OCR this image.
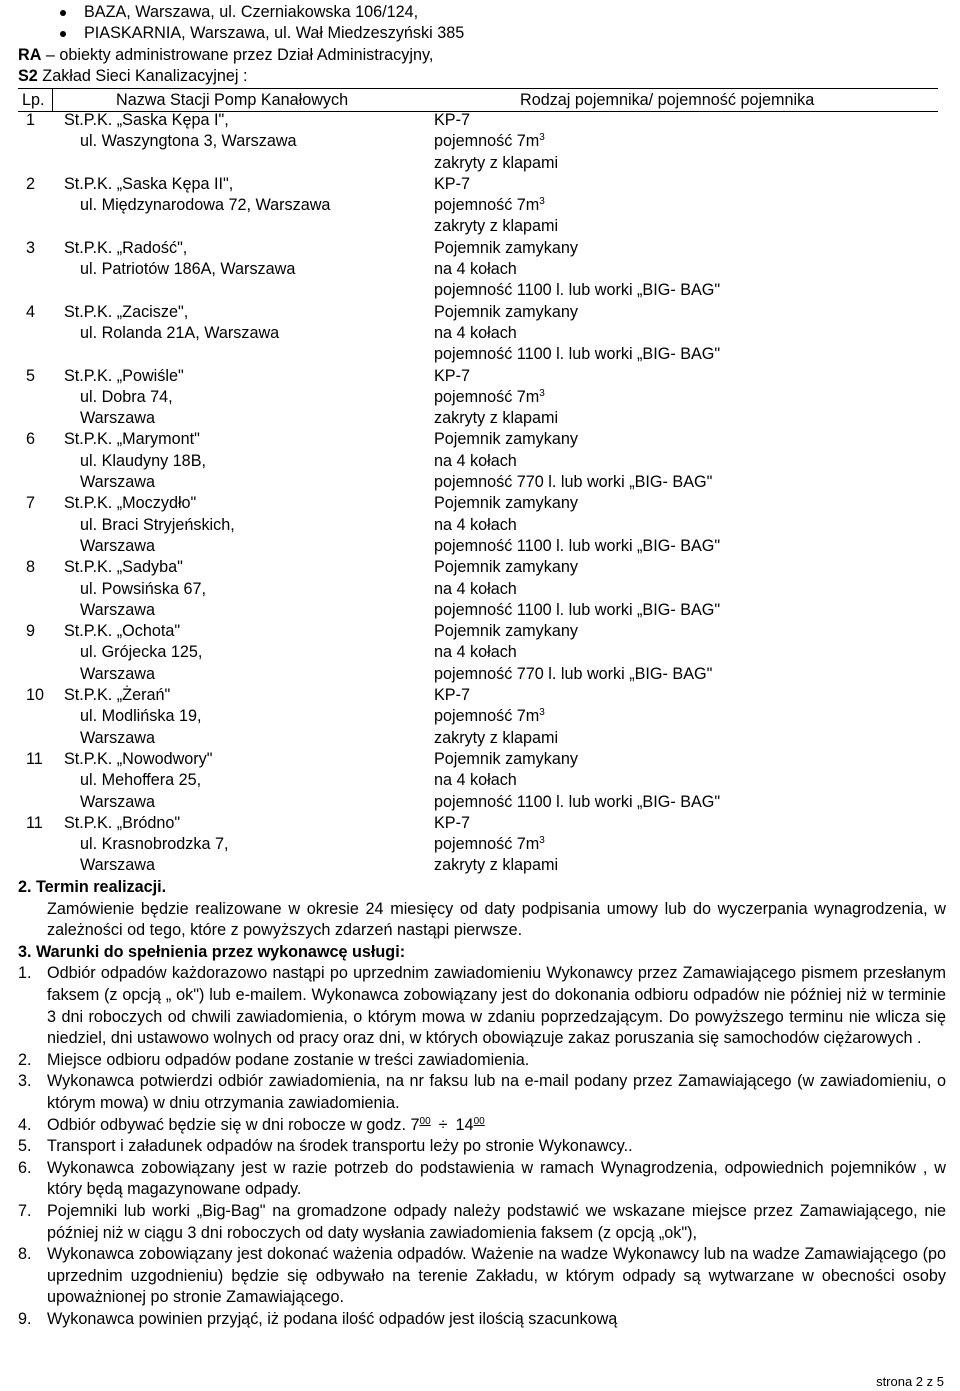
BAZA, Warszawa, ul. Czerniakowska 106/124,
PIASKARNIA, Warszawa, ul. Wał Miedzeszyński 385
RA – obiekty administrowane przez Dział Administracyjny,
S2 Zakład Sieci Kanalizacyjnej :
Lp.	Nazwa Stacji Pomp Kanałowych	Rodzaj pojemnika/ pojemność pojemnika
1 St.P.K. „Saska Kępa I",
ul. Waszyngtona 3, Warszawa
KP-7
pojemność $7m^3$
zakryty z klapami
2 St.P.K. „Saska Kępa II",
ul. Międzynarodowa 72, Warszawa
KP-7
pojemność $7m^3$
zakryty z klapami
3 St.P.K. „Radość",
ul. Patriotów 186A, Warszawa
Pojemnik zamykany
na 4 kołach
pojemność 1100 l. lub worki „BIG- BAG"
4 St.P.K. „Zacisze",
ul. Rolanda 21A, Warszawa
Pojemnik zamykany
na 4 kołach
pojemność 1100 l. lub worki „BIG- BAG"
5 St.P.K. „Powiśle"
ul. Dobra 74,
Warszawa
KP-7
pojemność $7m^3$
zakryty z klapami
6 St.P.K. „Marymont"
ul. Klaudyny 18B,
Warszawa
Pojemnik zamykany
na 4 kołach
pojemność 770 l. lub worki „BIG- BAG"
7 St.P.K. „Moczydło"
ul. Braci Stryjeńskich,
Warszawa
Pojemnik zamykany
na 4 kołach
pojemność 1100 l. lub worki „BIG- BAG"
8 St.P.K. „Sadyba"
ul. Powsińska 67,
Warszawa
Pojemnik zamykany
na 4 kołach
pojemność 1100 l. lub worki „BIG- BAG"
9 St.P.K. „Ochota"
ul. Grójecka 125,
Warszawa
Pojemnik zamykany
na 4 kołach
pojemność 770 l. lub worki „BIG- BAG"
10 St.P.K. „Żerań"
ul. Modlińska 19,
Warszawa
KP-7
pojemność $7m^3$
zakryty z klapami
11 St.P.K. „Nowodwory"
ul. Mehoffera 25,
Warszawa
Pojemnik zamykany
na 4 kołach
pojemność 1100 l. lub worki „BIG- BAG"
11 St.P.K. „Bródno"
ul. Krasnobrodzka 7,
Warszawa
KP-7
pojemność $7m^3$
zakryty z klapami
2. Termin realizacji.
Zamówienie będzie realizowane w okresie 24 miesięcy od daty podpisania umowy lub do wyczerpania wynagrodzenia, w zależności od tego, które z powyższych zdarzeń nastąpi pierwsze.
3. Warunki do spełnienia przez wykonawcę usługi:
1. Odbiór odpadów każdorazowo nastąpi po uprzednim zawiadomieniu Wykonawcy przez Zamawiającego pismem przesłanym faksem (z opcją „ ok") lub e-mailem. Wykonawca zobowiązany jest do dokonania odbioru odpadów nie później niż w terminie 3 dni roboczych od chwili zawiadomienia, o którym mowa w zdaniu poprzedzającym. Do powyższego terminu nie wlicza się niedziel, dni ustawowo wolnych od pracy oraz dni, w których obowiązuje zakaz poruszania się samochodów ciężarowych .
2. Miejsce odbioru odpadów podane zostanie w treści zawiadomienia.
3. Wykonawca potwierdzi odbiór zawiadomienia, na nr faksu lub na e-mail podany przez Zamawiającego (w zawiadomieniu, o którym mowa) w dniu otrzymania zawiadomienia.
4. Odbiór odbywać będzie się w dni robocze w godz. $7^{00} \div 14^{00}$
5. Transport i załadunek odpadów na środek transportu leży po stronie Wykonawcy..
6. Wykonawca zobowiązany jest w razie potrzeb do podstawienia w ramach Wynagrodzenia, odpowiednich pojemników , w który będą magazynowane odpady.
7. Pojemniki lub worki „Big-Bag" na gromadzone odpady należy podstawić we wskazane miejsce przez Zamawiającego, nie później niż w ciągu 3 dni roboczych od daty wysłania zawiadomienia faksem (z opcją „ok"),
8. Wykonawca zobowiązany jest dokonać ważenia odpadów. Ważenie na wadze Wykonawcy lub na wadze Zamawiającego (po uprzednim uzgodnieniu) będzie się odbywało na terenie Zakładu, w którym odpady są wytwarzane w obecności osoby upoważnionej po stronie Zamawiającego.
9. Wykonawca powinien przyjąć, iż podana ilość odpadów jest ilością szacunkową
strona 2 z 5
